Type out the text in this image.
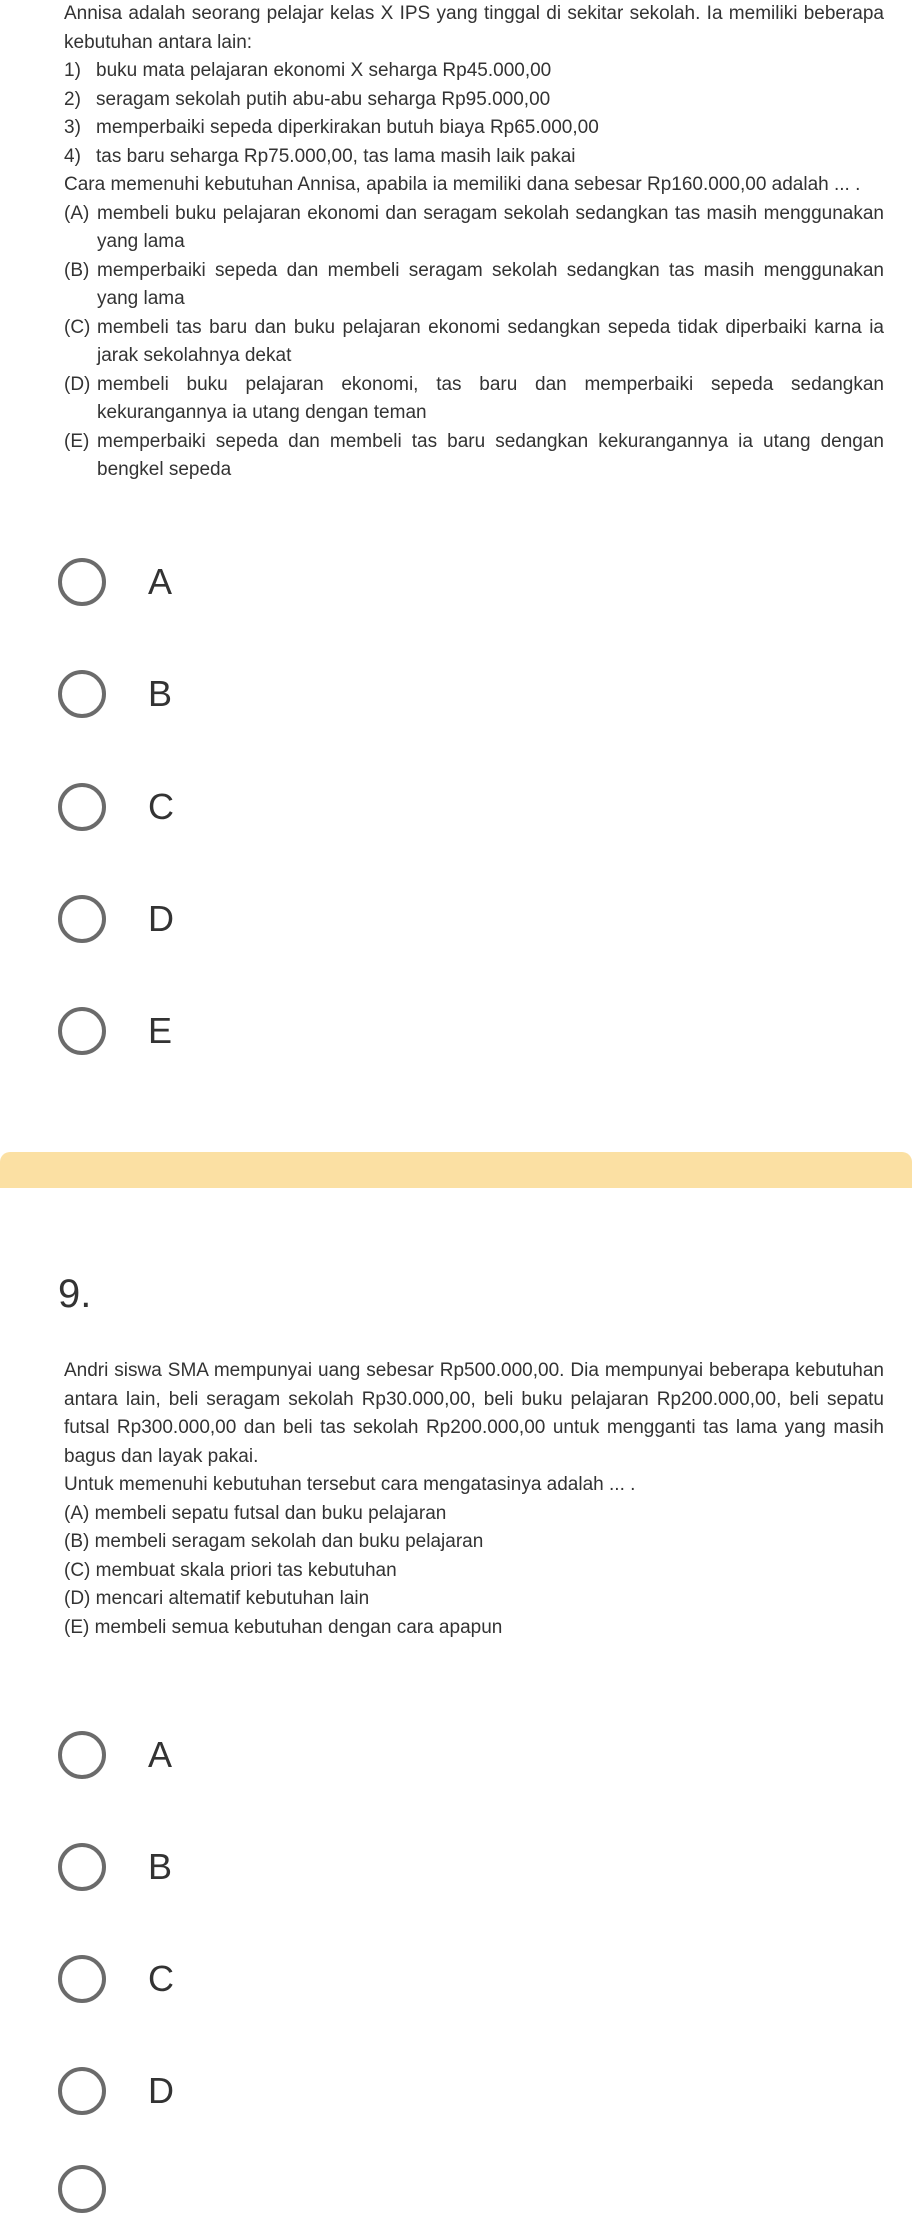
Annisa adalah seorang pelajar kelas X IPS yang tinggal di sekitar sekolah. Ia memiliki beberapa kebutuhan antara lain:

1) buku mata pelajaran ekonomi X seharga Rp45.000,00
2) seragam sekolah putih abu-abu seharga Rp95.000,00
3) memperbaiki sepeda diperkirakan butuh biaya Rp65.000,00
4) tas baru seharga Rp75.000,00, tas lama masih laik pakai

Cara memenuhi kebutuhan Annisa, apabila ia memiliki dana sebesar Rp160.000,00 adalah ... .

(A) membeli buku pelajaran ekonomi dan seragam sekolah sedangkan tas masih menggunakan yang lama
(B) memperbaiki sepeda dan membeli seragam sekolah sedangkan tas masih menggunakan yang lama
(C) membeli tas baru dan buku pelajaran ekonomi sedangkan sepeda tidak diperbaiki karna ia jarak sekolahnya dekat
(D) membeli buku pelajaran ekonomi, tas baru dan memperbaiki sepeda sedangkan kekurangannya ia utang dengan teman
(E) memperbaiki sepeda dan membeli tas baru sedangkan kekurangannya ia utang dengan bengkel sepeda
A
B
C
D
E
9.

Andri siswa SMA mempunyai uang sebesar Rp500.000,00. Dia mempunyai beberapa kebutuhan antara lain, beli seragam sekolah Rp30.000,00, beli buku pelajaran Rp200.000,00, beli sepatu futsal Rp300.000,00 dan beli tas sekolah Rp200.000,00 untuk mengganti tas lama yang masih bagus dan layak pakai.

Untuk memenuhi kebutuhan tersebut cara mengatasinya adalah ... .

(A) membeli sepatu futsal dan buku pelajaran

(B) membeli seragam sekolah dan buku pelajaran

(C) membuat skala priori tas kebutuhan

(D) mencari altematif kebutuhan lain

(E) membeli semua kebutuhan dengan cara apapun

A
B
C
D
